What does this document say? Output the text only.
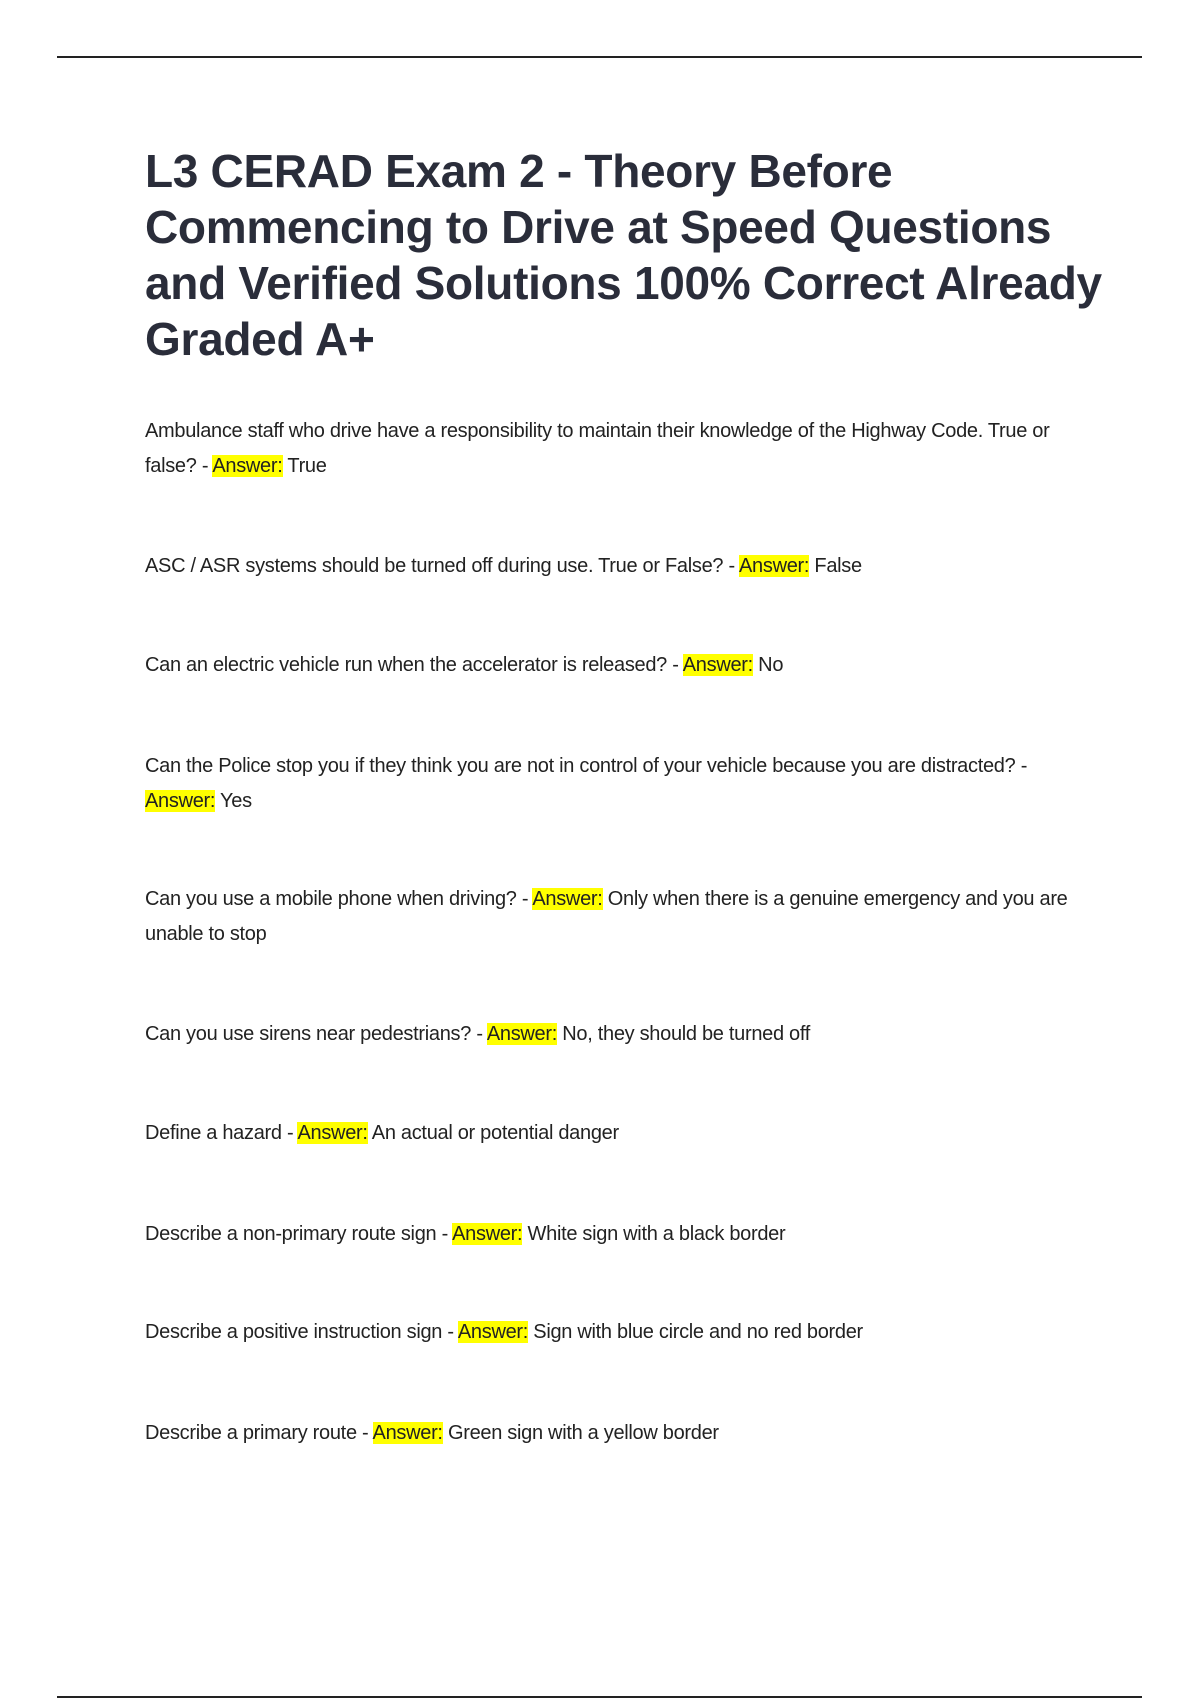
L3 CERAD Exam 2 - Theory Before Commencing to Drive at Speed Questions and Verified Solutions 100% Correct Already Graded A+

Ambulance staff who drive have a responsibility to maintain their knowledge of the Highway Code. True or false? - Answer: True

ASC / ASR systems should be turned off during use. True or False? - Answer: False

Can an electric vehicle run when the accelerator is released? - Answer: No

Can the Police stop you if they think you are not in control of your vehicle because you are distracted? - Answer: Yes

Can you use a mobile phone when driving? - Answer: Only when there is a genuine emergency and you are unable to stop

Can you use sirens near pedestrians? - Answer: No, they should be turned off

Define a hazard - Answer: An actual or potential danger

Describe a non-primary route sign - Answer: White sign with a black border

Describe a positive instruction sign - Answer: Sign with blue circle and no red border

Describe a primary route - Answer: Green sign with a yellow border
